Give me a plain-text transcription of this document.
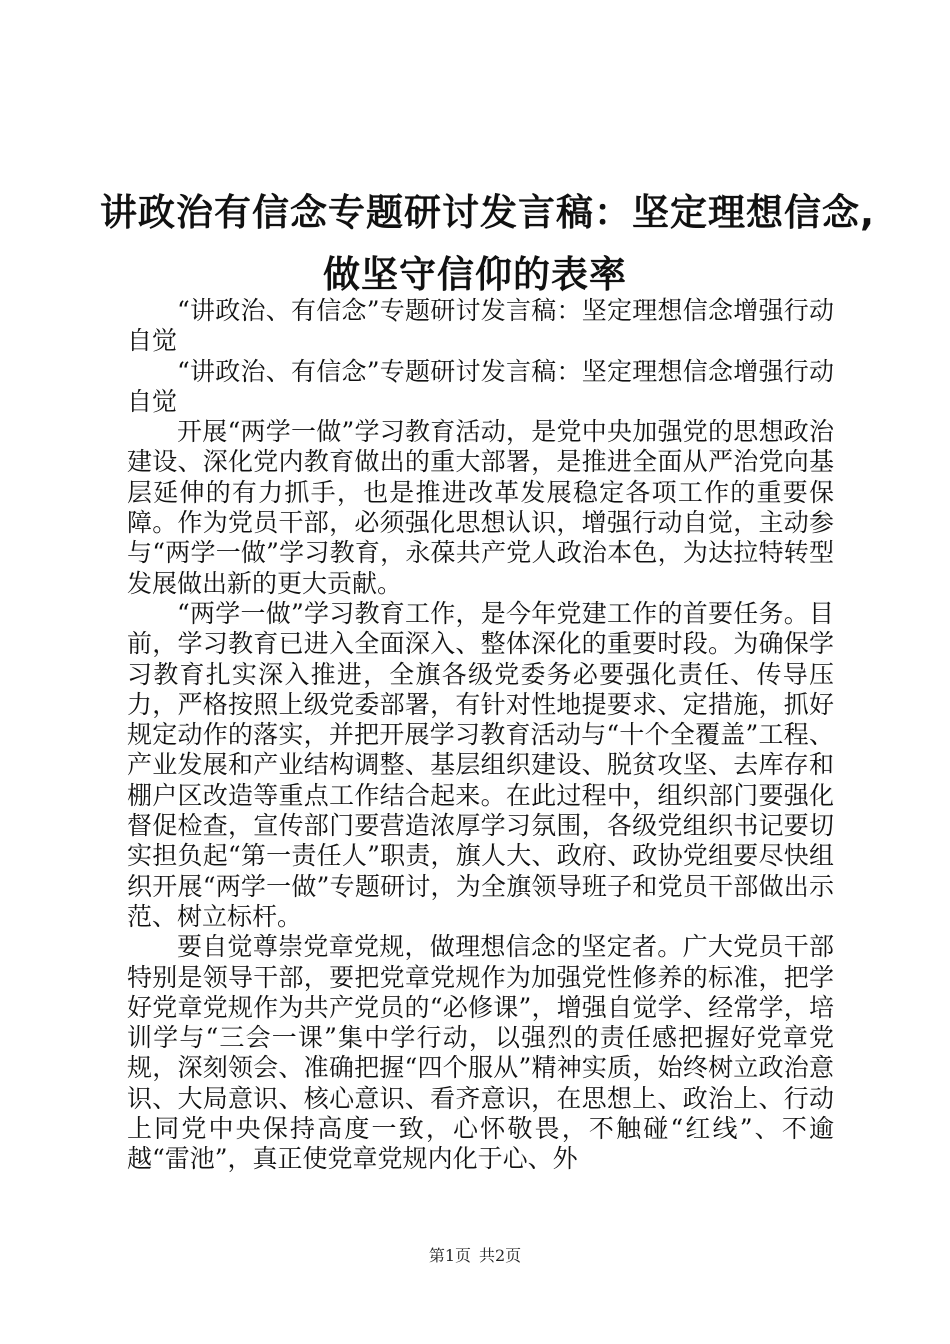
讲政治有信念专题研讨发言稿：坚定理想信念,
做坚守信仰的表率

“讲政治、有信念”专题研讨发言稿：坚定理想信念增强行动自觉

“讲政治、有信念”专题研讨发言稿：坚定理想信念增强行动自觉

开展“两学一做”学习教育活动，是党中央加强党的思想政治建设、深化党内教育做出的重大部署，是推进全面从严治党向基层延伸的有力抓手，也是推进改革发展稳定各项工作的重要保障。作为党员干部，必须强化思想认识，增强行动自觉，主动参与“两学一做”学习教育，永葆共产党人政治本色，为达拉特转型发展做出新的更大贡献。

“两学一做”学习教育工作，是今年党建工作的首要任务。目前，学习教育已进入全面深入、整体深化的重要时段。为确保学习教育扎实深入推进，全旗各级党委务必要强化责任、传导压力，严格按照上级党委部署，有针对性地提要求、定措施，抓好规定动作的落实，并把开展学习教育活动与“十个全覆盖”工程、产业发展和产业结构调整、基层组织建设、脱贫攻坚、去库存和棚户区改造等重点工作结合起来。在此过程中，组织部门要强化督促检查，宣传部门要营造浓厚学习氛围，各级党组织书记要切实担负起“第一责任人”职责，旗人大、政府、政协党组要尽快组织开展“两学一做”专题研讨，为全旗领导班子和党员干部做出示范、树立标杆。

要自觉尊崇党章党规，做理想信念的坚定者。广大党员干部特别是领导干部，要把党章党规作为加强党性修养的标准，把学好党章党规作为共产党员的“必修课”，增强自觉学、经常学，培训学与“三会一课”集中学行动，以强烈的责任感把握好党章党规，深刻领会、准确把握“四个服从”精神实质，始终树立政治意识、大局意识、核心意识、看齐意识，在思想上、政治上、行动上同党中央保持高度一致，心怀敬畏，不触碰“红线”、不逾越“雷池”，真正使党章党规内化于心、外

第1页 共2页
